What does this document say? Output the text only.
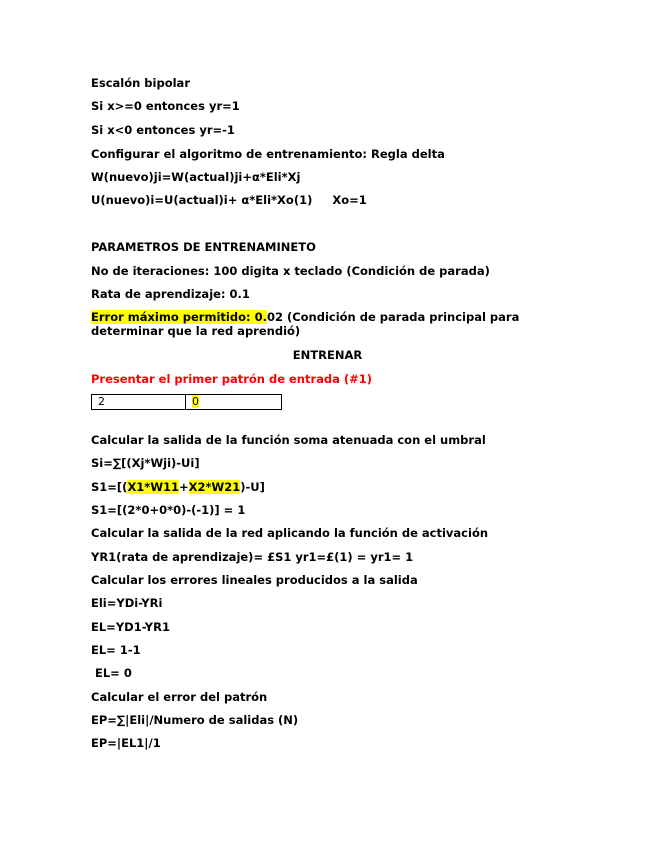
Escalón bipolar
Si x>=0 entonces yr=1
Si x<0 entonces yr=-1
Configurar el algoritmo de entrenamiento: Regla delta
W(nuevo)ji=W(actual)ji+α*Eli*Xj
U(nuevo)i=U(actual)i+ α*Eli*Xo(1)     Xo=1
PARAMETROS DE ENTRENAMINETO
No de iteraciones: 100 digita x teclado (Condición de parada)
Rata de aprendizaje: 0.1
Error máximo permitido: 0.02 (Condición de parada principal para determinar que la red aprendió)
ENTRENAR
Presentar el primer patrón de entrada (#1)
2	0
Calcular la salida de la función soma atenuada con el umbral
Si=∑[(Xj*Wji)-Ui]
S1=[(X1*W11+X2*W21)-U]
S1=[(2*0+0*0)-(-1)] = 1
Calcular la salida de la red aplicando la función de activación
YR1(rata de aprendizaje)= £S1 yr1=£(1) = yr1= 1
Calcular los errores lineales producidos a la salida
Eli=YDi-YRi
EL=YD1-YR1
EL= 1-1
EL= 0
Calcular el error del patrón
EP=∑|Eli|/Numero de salidas (N)
EP=|EL1|/1
